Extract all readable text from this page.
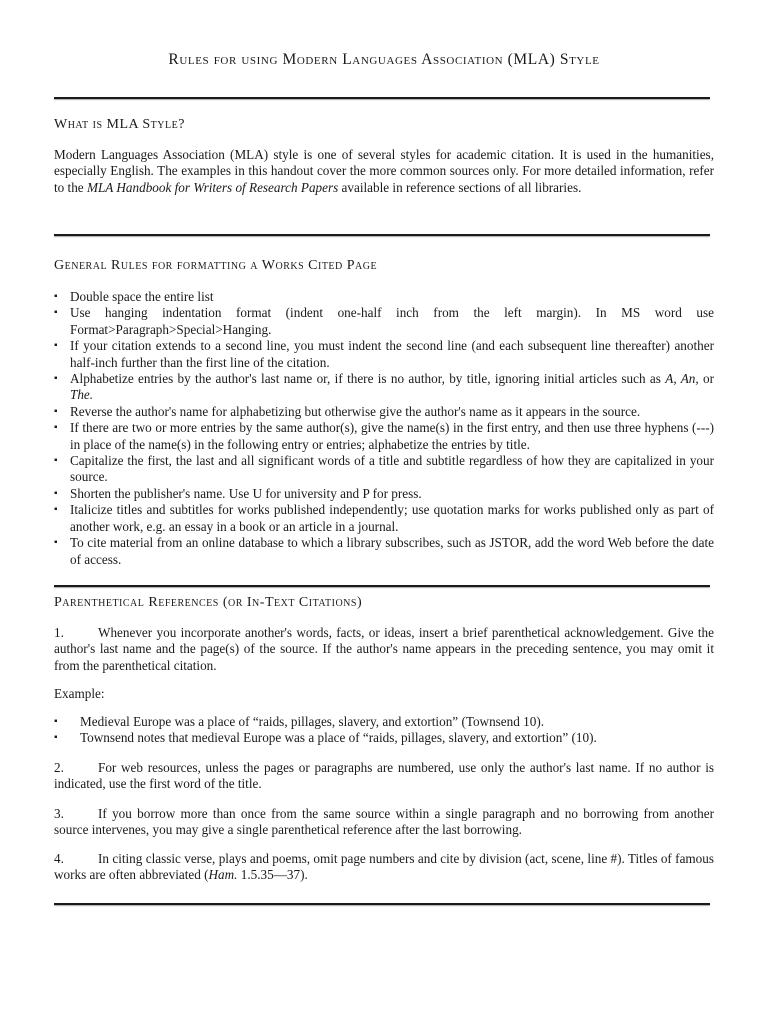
Rules for using Modern Languages Association (MLA) Style
What is MLA Style?

Modern Languages Association (MLA) style is one of several styles for academic citation. It is used in the humanities, especially English. The examples in this handout cover the more common sources only. For more detailed information, refer to the MLA Handbook for Writers of Research Papers available in reference sections of all libraries.

General Rules for formatting a Works Cited Page
▪ Double space the entire list
▪ Use hanging indentation format (indent one-half inch from the left margin). In MS word use Format>Paragraph>Special>Hanging.
▪ If your citation extends to a second line, you must indent the second line (and each subsequent line thereafter) another half-inch further than the first line of the citation.
▪ Alphabetize entries by the author's last name or, if there is no author, by title, ignoring initial articles such as A, An, or The.
▪ Reverse the author's name for alphabetizing but otherwise give the author's name as it appears in the source.
▪ If there are two or more entries by the same author(s), give the name(s) in the first entry, and then use three hyphens (---) in place of the name(s) in the following entry or entries; alphabetize the entries by title.
▪ Capitalize the first, the last and all significant words of a title and subtitle regardless of how they are capitalized in your source.
▪ Shorten the publisher's name. Use U for university and P for press.
▪ Italicize titles and subtitles for works published independently; use quotation marks for works published only as part of another work, e.g. an essay in a book or an article in a journal.
▪ To cite material from an online database to which a library subscribes, such as JSTOR, add the word Web before the date of access.
Parenthetical References (or In-Text Citations)

1.	Whenever you incorporate another's words, facts, or ideas, insert a brief parenthetical acknowledgement. Give the author's last name and the page(s) of the source. If the author's name appears in the preceding sentence, you may omit it from the parenthetical citation.

Example:

▪ Medieval Europe was a place of “raids, pillages, slavery, and extortion” (Townsend 10).
▪ Townsend notes that medieval Europe was a place of “raids, pillages, slavery, and extortion” (10).

2.	For web resources, unless the pages or paragraphs are numbered, use only the author's last name. If no author is indicated, use the first word of the title.

3.	If you borrow more than once from the same source within a single paragraph and no borrowing from another source intervenes, you may give a single parenthetical reference after the last borrowing.

4.	In citing classic verse, plays and poems, omit page numbers and cite by division (act, scene, line #). Titles of famous works are often abbreviated (Ham. 1.5.35—37).
